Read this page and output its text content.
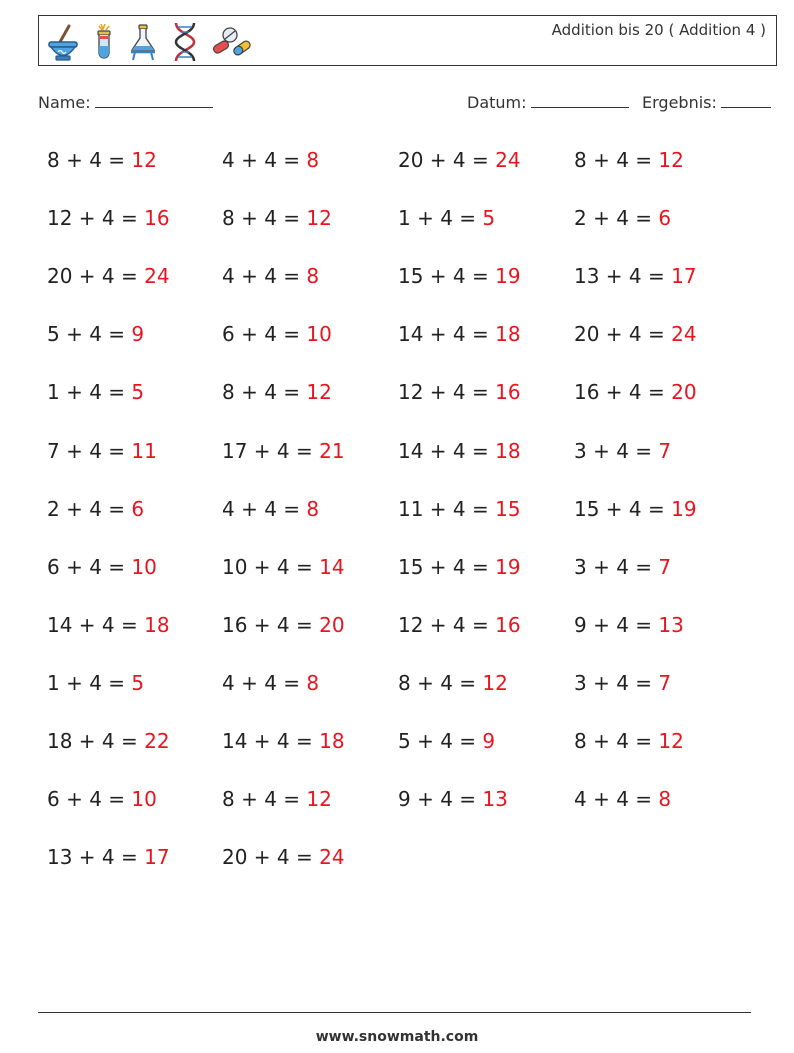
Addition bis 20 ( Addition 4 )
Name:	Datum:	Ergebnis:
8 + 4 = 12	4 + 4 = 8	20 + 4 = 24	8 + 4 = 12
12 + 4 = 16	8 + 4 = 12	1 + 4 = 5	2 + 4 = 6
20 + 4 = 24	4 + 4 = 8	15 + 4 = 19	13 + 4 = 17
5 + 4 = 9	6 + 4 = 10	14 + 4 = 18	20 + 4 = 24
1 + 4 = 5	8 + 4 = 12	12 + 4 = 16	16 + 4 = 20
7 + 4 = 11	17 + 4 = 21	14 + 4 = 18	3 + 4 = 7
2 + 4 = 6	4 + 4 = 8	11 + 4 = 15	15 + 4 = 19
6 + 4 = 10	10 + 4 = 14	15 + 4 = 19	3 + 4 = 7
14 + 4 = 18	16 + 4 = 20	12 + 4 = 16	9 + 4 = 13
1 + 4 = 5	4 + 4 = 8	8 + 4 = 12	3 + 4 = 7
18 + 4 = 22	14 + 4 = 18	5 + 4 = 9	8 + 4 = 12
6 + 4 = 10	8 + 4 = 12	9 + 4 = 13	4 + 4 = 8
13 + 4 = 17	20 + 4 = 24
www.snowmath.com
